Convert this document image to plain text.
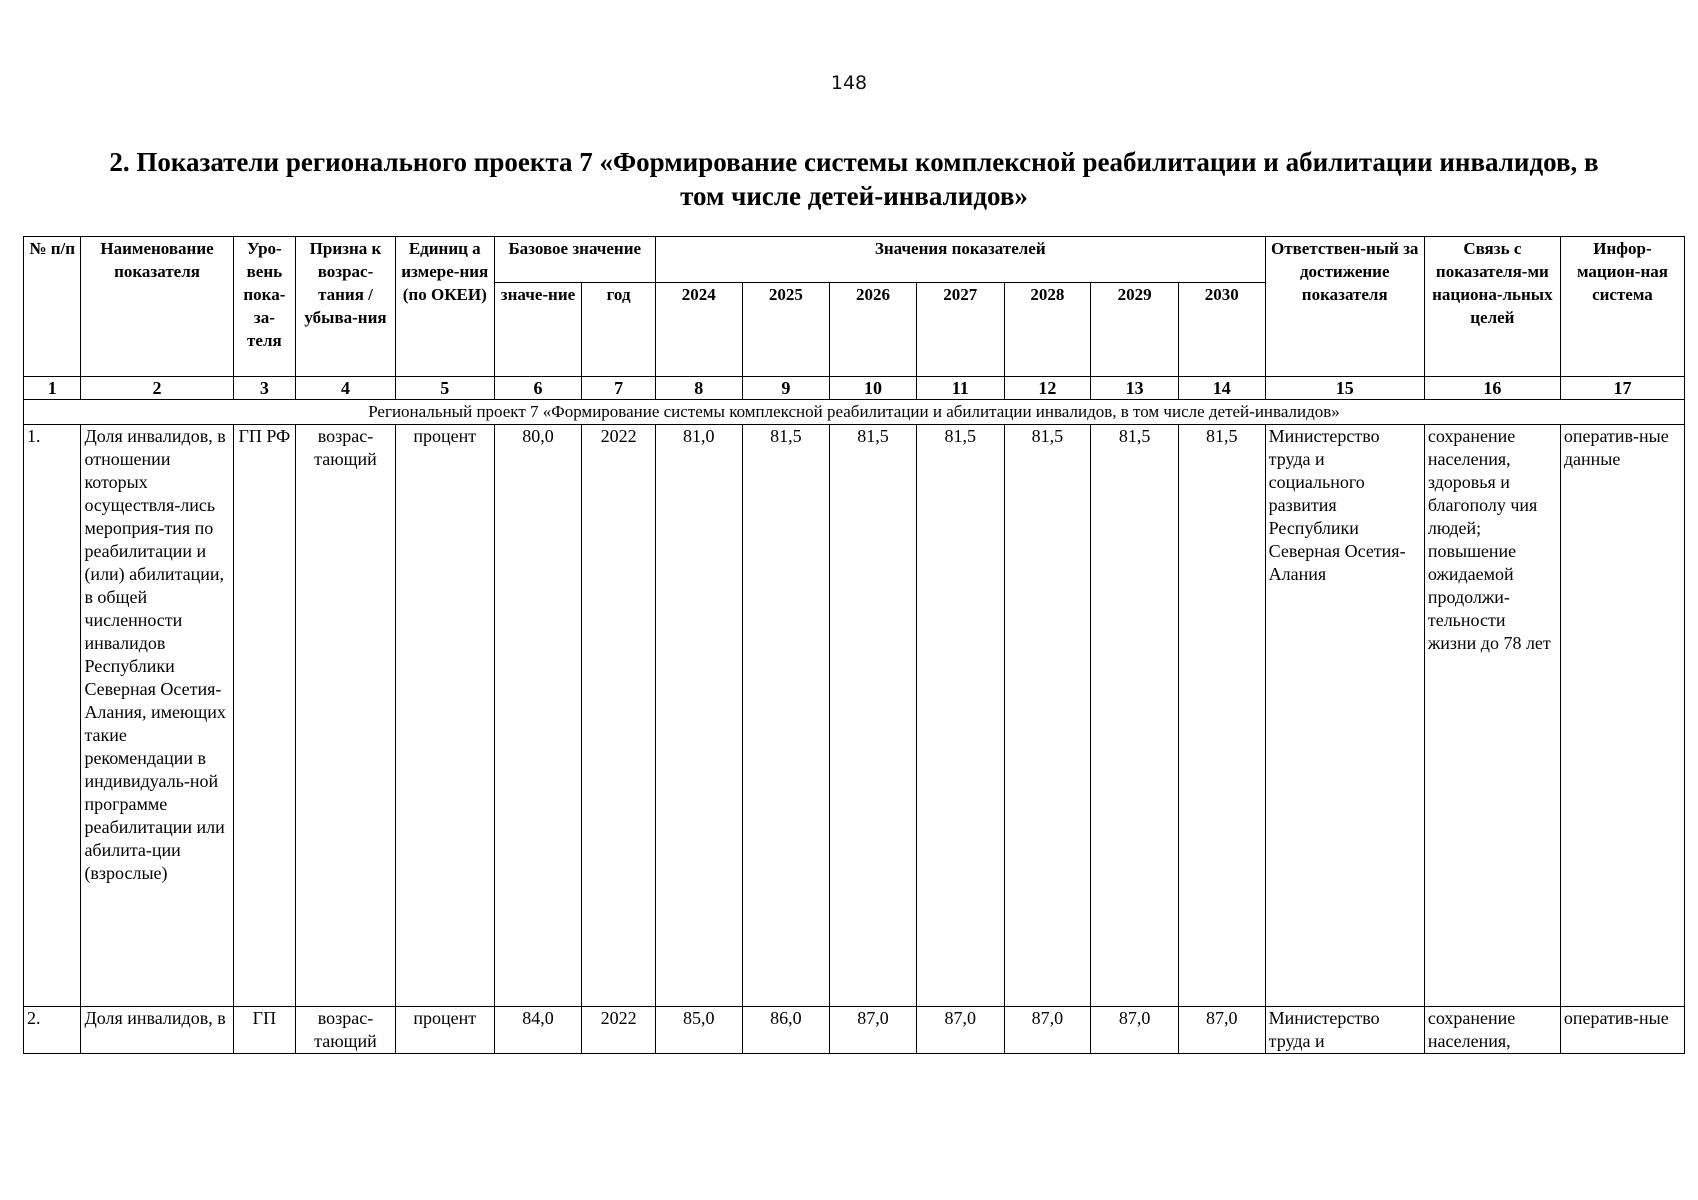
148
2. Показатели регионального проекта 7 «Формирование системы комплексной реабилитации и абилитации инвалидов, в том числе детей-инвалидов»
№ п/п	Наименование показателя	Уро-вень пока-за-теля	Призна к возрас-тания / убыва-ния	Единиц а измере-ния (по ОКЕИ)	Базовое значение		Значения показателей							Ответствен-ный за достижение показателя	Связь с показателя-ми национа-льных целей	Инфор-мацион-ная система
					значе-ние	год	2024	2025	2026	2027	2028	2029	2030			
1	2	3	4	5	6	7	8	9	10	11	12	13	14	15	16	17
Региональный проект 7 «Формирование системы комплексной реабилитации и абилитации инвалидов, в том числе детей-инвалидов»																
1.	Доля инвалидов, в отношении которых осуществля-лись мероприя-тия по реабилитации и (или) абилитации, в общей численности инвалидов Республики Северная Осетия-Алания, имеющих такие рекомендации в индивидуаль-ной программе реабилитации или абилита-ции (взрослые)	ГП РФ	возрас-тающий	процент	80,0	2022	81,0	81,5	81,5	81,5	81,5	81,5	81,5	Министерство труда и социального развития Республики Северная Осетия-Алания	сохранение населения, здоровья и благополу чия людей; повышение ожидаемой продолжи-тельности жизни до 78 лет	оператив-ные данные
2.	Доля инвалидов, в	ГП	возрас-тающий	процент	84,0	2022	85,0	86,0	87,0	87,0	87,0	87,0	87,0	Министерство труда и	сохранение населения,	оператив-ные
